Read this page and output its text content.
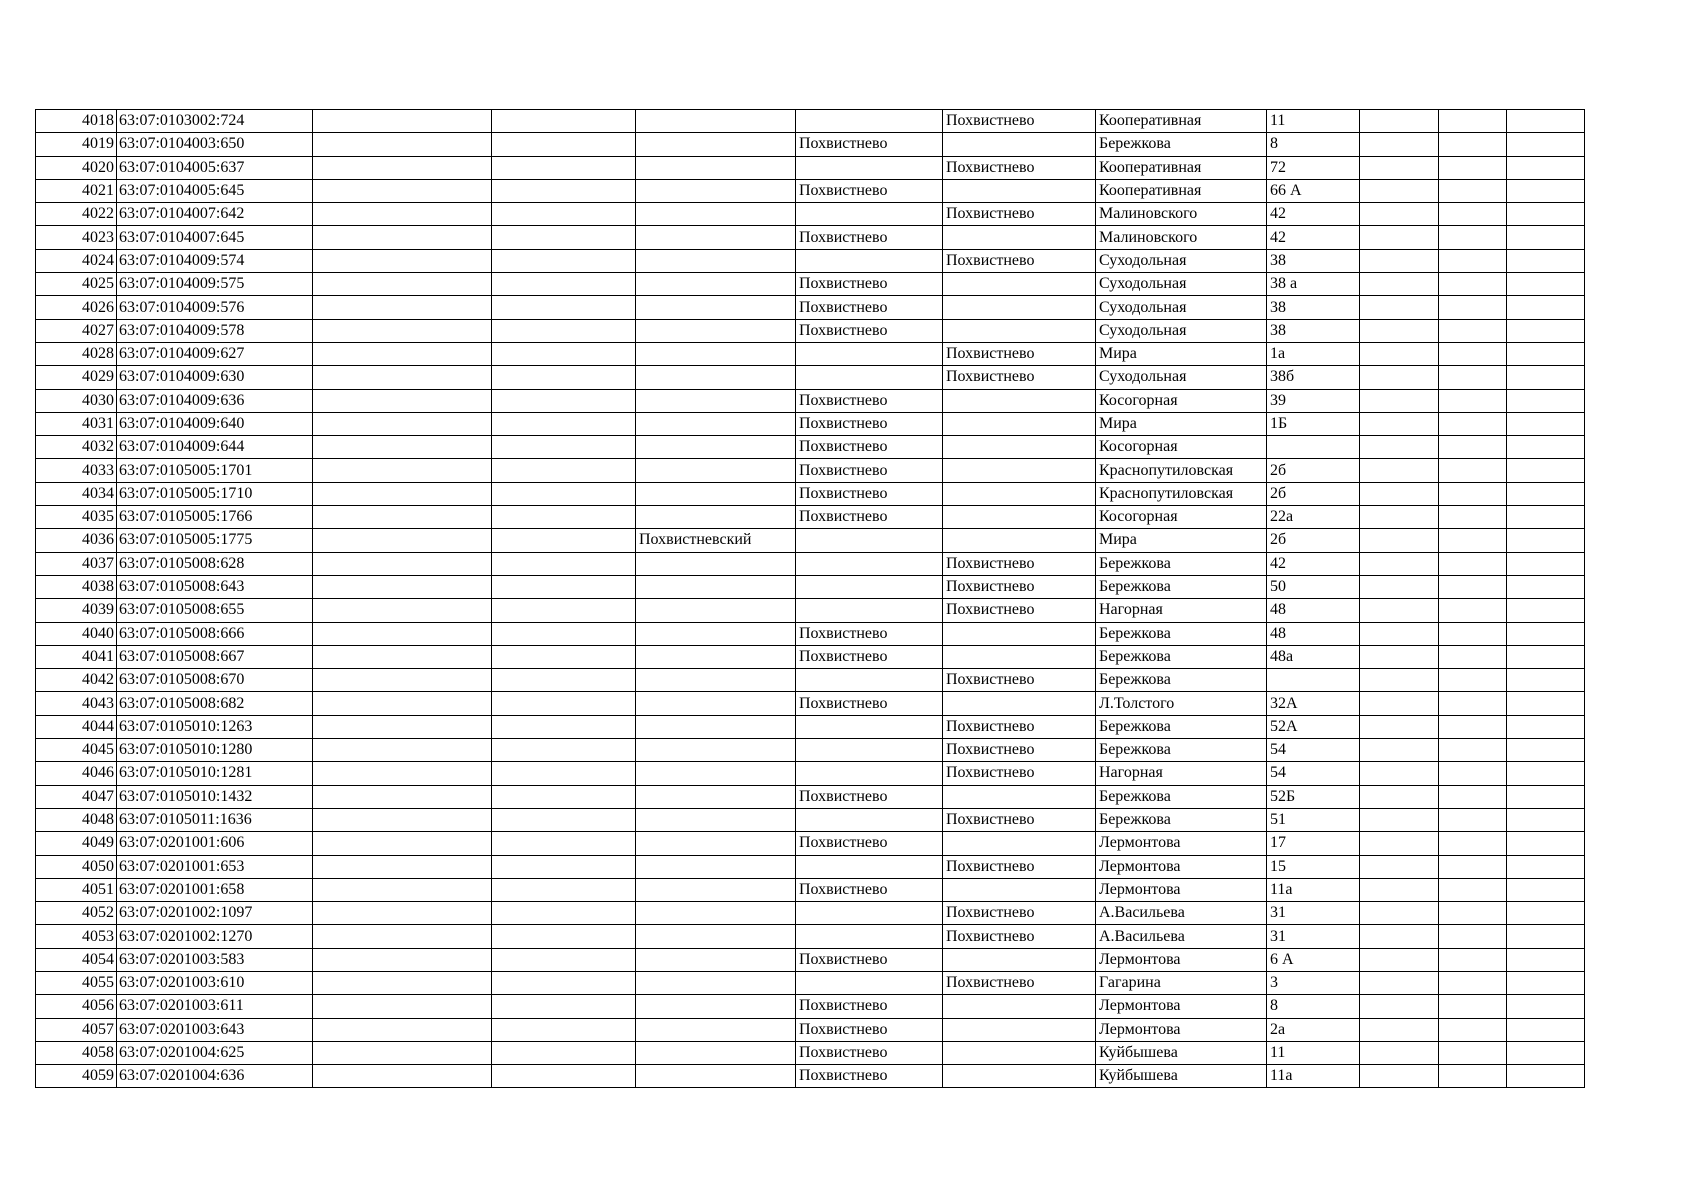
4018	63:07:0103002:724					Похвистнево	Кооперативная	11			
4019	63:07:0104003:650				Похвистнево		Бережкова	8			
4020	63:07:0104005:637					Похвистнево	Кооперативная	72			
4021	63:07:0104005:645				Похвистнево		Кооперативная	66 А			
4022	63:07:0104007:642					Похвистнево	Малиновского	42			
4023	63:07:0104007:645				Похвистнево		Малиновского	42			
4024	63:07:0104009:574					Похвистнево	Суходольная	38			
4025	63:07:0104009:575				Похвистнево		Суходольная	38 а			
4026	63:07:0104009:576				Похвистнево		Суходольная	38			
4027	63:07:0104009:578				Похвистнево		Суходольная	38			
4028	63:07:0104009:627					Похвистнево	Мира	1а			
4029	63:07:0104009:630					Похвистнево	Суходольная	38б			
4030	63:07:0104009:636				Похвистнево		Косогорная	39			
4031	63:07:0104009:640				Похвистнево		Мира	1Б			
4032	63:07:0104009:644				Похвистнево		Косогорная				
4033	63:07:0105005:1701				Похвистнево		Краснопутиловская	2б			
4034	63:07:0105005:1710				Похвистнево		Краснопутиловская	2б			
4035	63:07:0105005:1766				Похвистнево		Косогорная	22а			
4036	63:07:0105005:1775			Похвистневский			Мира	2б			
4037	63:07:0105008:628					Похвистнево	Бережкова	42			
4038	63:07:0105008:643					Похвистнево	Бережкова	50			
4039	63:07:0105008:655					Похвистнево	Нагорная	48			
4040	63:07:0105008:666				Похвистнево		Бережкова	48			
4041	63:07:0105008:667				Похвистнево		Бережкова	48а			
4042	63:07:0105008:670					Похвистнево	Бережкова				
4043	63:07:0105008:682				Похвистнево		Л.Толстого	32А			
4044	63:07:0105010:1263					Похвистнево	Бережкова	52А			
4045	63:07:0105010:1280					Похвистнево	Бережкова	54			
4046	63:07:0105010:1281					Похвистнево	Нагорная	54			
4047	63:07:0105010:1432				Похвистнево		Бережкова	52Б			
4048	63:07:0105011:1636					Похвистнево	Бережкова	51			
4049	63:07:0201001:606				Похвистнево		Лермонтова	17			
4050	63:07:0201001:653					Похвистнево	Лермонтова	15			
4051	63:07:0201001:658				Похвистнево		Лермонтова	11а			
4052	63:07:0201002:1097					Похвистнево	А.Васильева	31			
4053	63:07:0201002:1270					Похвистнево	А.Васильева	31			
4054	63:07:0201003:583				Похвистнево		Лермонтова	6 А			
4055	63:07:0201003:610					Похвистнево	Гагарина	3			
4056	63:07:0201003:611				Похвистнево		Лермонтова	8			
4057	63:07:0201003:643				Похвистнево		Лермонтова	2а			
4058	63:07:0201004:625				Похвистнево		Куйбышева	11			
4059	63:07:0201004:636				Похвистнево		Куйбышева	11а			
